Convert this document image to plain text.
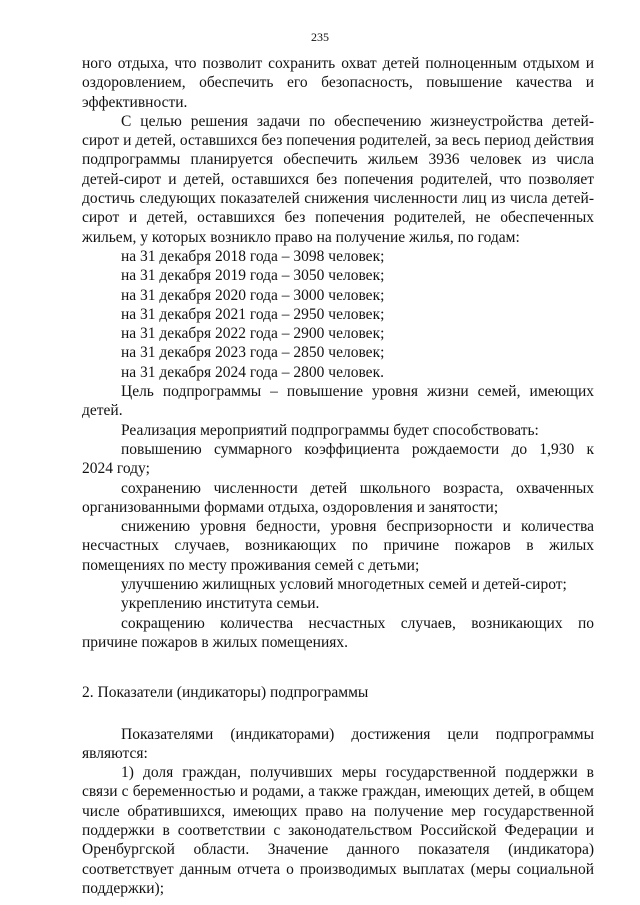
235

ного отдыха, что позволит сохранить охват детей полноценным отдыхом и оздоровлением, обеспечить его безопасность, повышение качества и эффективности.

С целью решения задачи по обеспечению жизнеустройства детей-сирот и детей, оставшихся без попечения родителей, за весь период действия подпрограммы планируется обеспечить жильем 3936 человек из числа детей-сирот и детей, оставшихся без попечения родителей, что позволяет достичь следующих показателей снижения численности лиц из числа детей-сирот и детей, оставшихся без попечения родителей, не обеспеченных жильем, у которых возникло право на получение жилья, по годам:

на 31 декабря 2018 года – 3098 человек;
на 31 декабря 2019 года – 3050 человек;
на 31 декабря 2020 года – 3000 человек;
на 31 декабря 2021 года – 2950 человек;
на 31 декабря 2022 года – 2900 человек;
на 31 декабря 2023 года – 2850 человек;
на 31 декабря 2024 года – 2800 человек.

Цель подпрограммы – повышение уровня жизни семей, имеющих детей.

Реализация мероприятий подпрограммы будет способствовать:

повышению суммарного коэффициента рождаемости до 1,930 к

2024 году;

сохранению численности детей школьного возраста, охваченных организованными формами отдыха, оздоровления и занятости;

снижению уровня бедности, уровня беспризорности и количества несчастных случаев, возникающих по причине пожаров в жилых помещениях по месту проживания семей с детьми;

улучшению жилищных условий многодетных семей и детей-сирот;

укреплению института семьи.

сокращению количества несчастных случаев, возникающих по причине пожаров в жилых помещениях.

2. Показатели (индикаторы) подпрограммы

Показателями (индикаторами) достижения цели подпрограммы являются:

1) доля граждан, получивших меры государственной поддержки в связи с беременностью и родами, а также граждан, имеющих детей, в общем числе обратившихся, имеющих право на получение мер государственной поддержки в соответствии с законодательством Российской Федерации и Оренбургской области. Значение данного показателя (индикатора) соответствует данным отчета о производимых выплатах (меры социальной поддержки);
